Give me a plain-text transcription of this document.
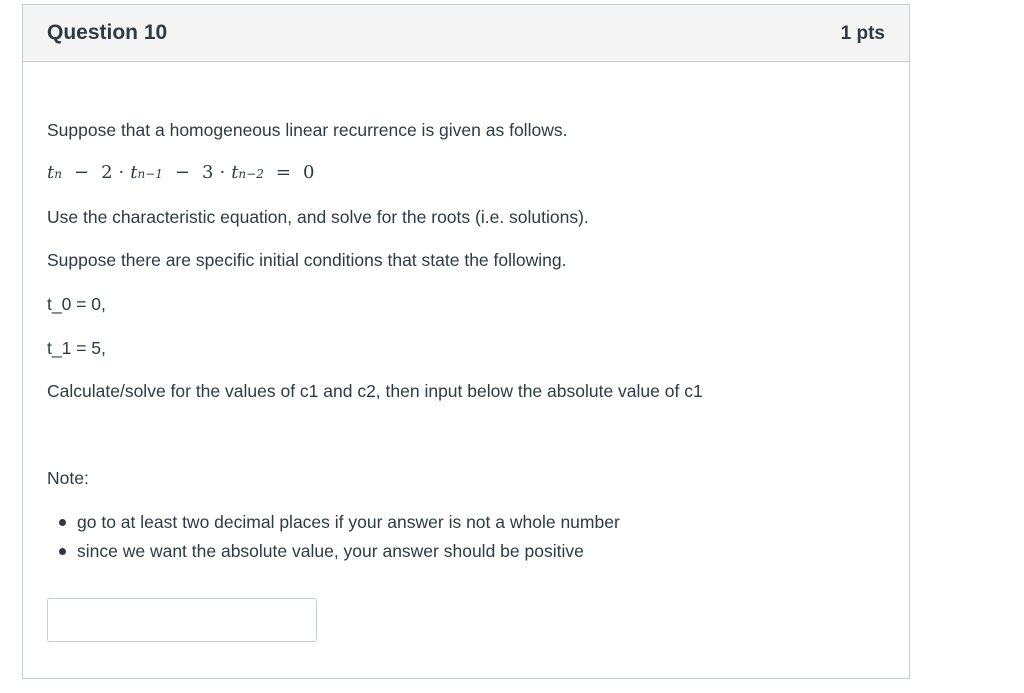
Question 10	1 pts
Suppose that a homogeneous linear recurrence is given as follows.
t n − 2 · t n−1 − 3 · t n−2 = 0
Use the characteristic equation, and solve for the roots (i.e. solutions).
Suppose there are specific initial conditions that state the following.
t_0 = 0,
t_1 = 5,
Calculate/solve for the values of c1 and c2, then input below the absolute value of c1
Note:
go to at least two decimal places if your answer is not a whole number
since we want the absolute value, your answer should be positive
